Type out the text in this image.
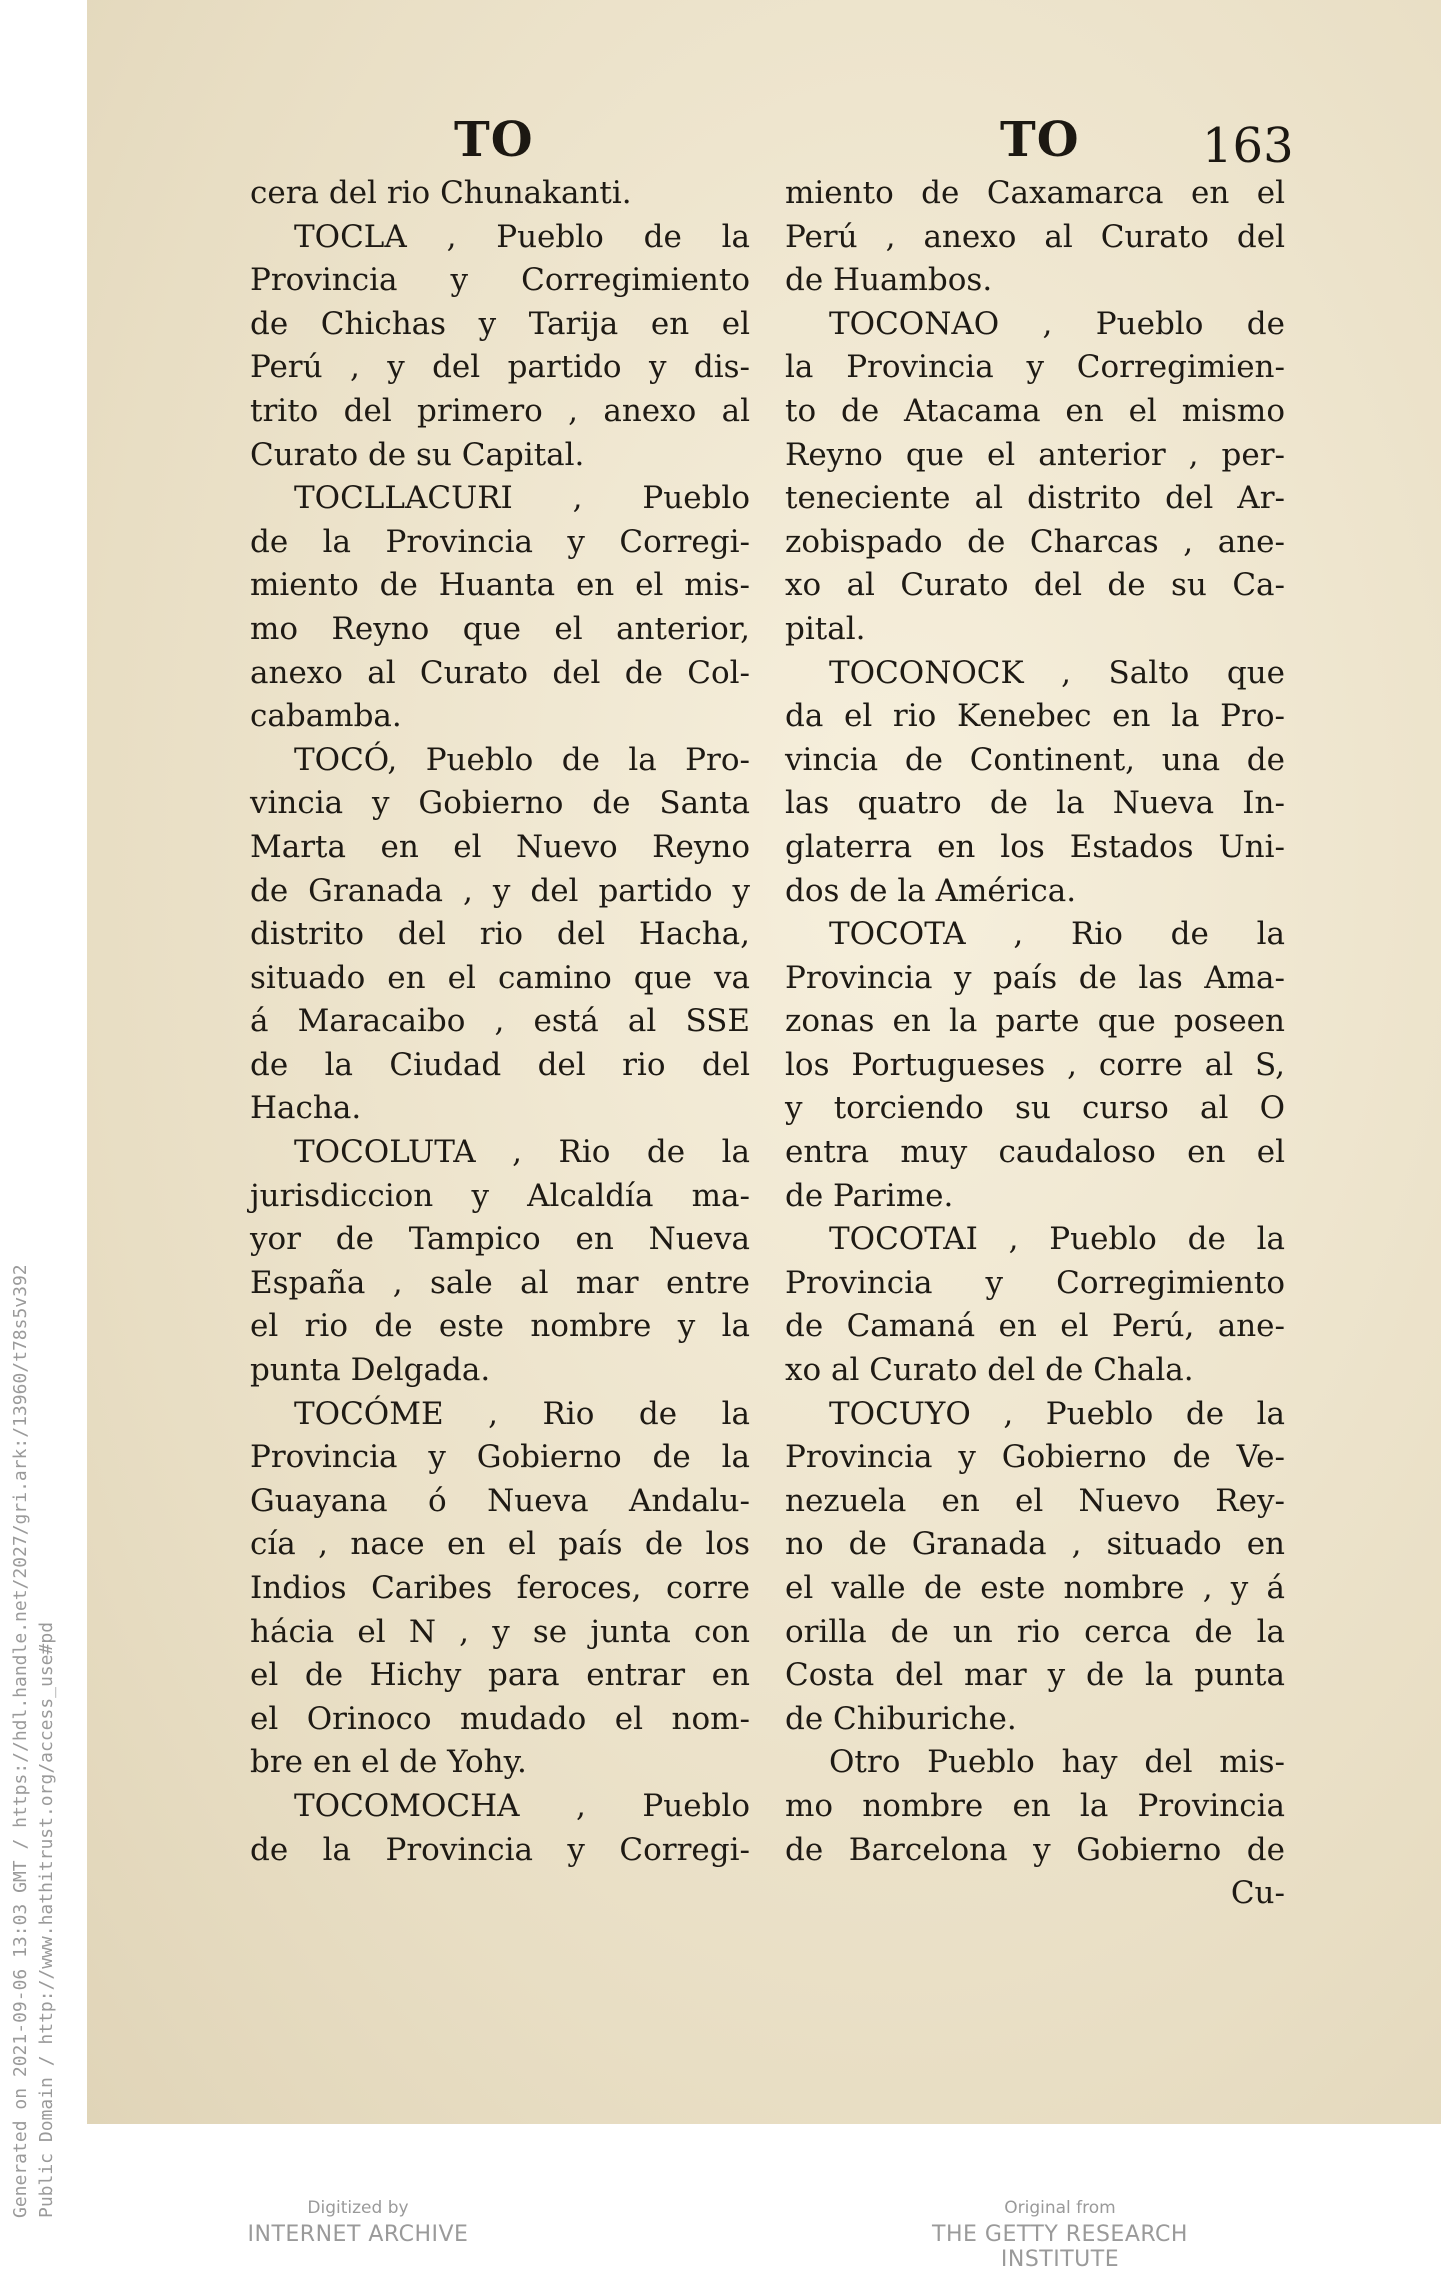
Generated on 2021-09-06 13:03 GMT / https://hdl.handle.net/2027/gri.ark:/13960/t78s5v392 Public Domain / http://www.hathitrust.org/access_use#pd
TO	TO	163
cera del rio Chunakanti.
TOCLA , Pueblo de la
Provincia y Corregimiento
de Chichas y Tarija en el
Perú , y del partido y dis-
trito del primero , anexo al
Curato de su Capital.
TOCLLACURI , Pueblo
de la Provincia y Corregi-
miento de Huanta en el mis-
mo Reyno que el anterior,
anexo al Curato del de Col-
cabamba.
TOCÓ, Pueblo de la Pro-
vincia y Gobierno de Santa
Marta en el Nuevo Reyno
de Granada , y del partido y
distrito del rio del Hacha,
situado en el camino que va
á Maracaibo , está al SSE
de la Ciudad del rio del
Hacha.
TOCOLUTA , Rio de la
jurisdiccion y Alcaldía ma-
yor de Tampico en Nueva
España , sale al mar entre
el rio de este nombre y la
punta Delgada.
TOCÓME , Rio de la
Provincia y Gobierno de la
Guayana ó Nueva Andalu-
cía , nace en el país de los
Indios Caribes feroces, corre
hácia el N , y se junta con
el de Hichy para entrar en
el Orinoco mudado el nom-
bre en el de Yohy.
TOCOMOCHA , Pueblo
de la Provincia y Corregi-
miento de Caxamarca en el
Perú , anexo al Curato del
de Huambos.
TOCONAO , Pueblo de
la Provincia y Corregimien-
to de Atacama en el mismo
Reyno que el anterior , per-
teneciente al distrito del Ar-
zobispado de Charcas , ane-
xo al Curato del de su Ca-
pital.
TOCONOCK , Salto que
da el rio Kenebec en la Pro-
vincia de Continent, una de
las quatro de la Nueva In-
glaterra en los Estados Uni-
dos de la América.
TOCOTA , Rio de la
Provincia y país de las Ama-
zonas en la parte que poseen
los Portugueses , corre al S,
y torciendo su curso al O
entra muy caudaloso en el
de Parime.
TOCOTAI , Pueblo de la
Provincia y Corregimiento
de Camaná en el Perú, ane-
xo al Curato del de Chala.
TOCUYO , Pueblo de la
Provincia y Gobierno de Ve-
nezuela en el Nuevo Rey-
no de Granada , situado en
el valle de este nombre , y á
orilla de un rio cerca de la
Costa del mar y de la punta
de Chiburiche.
Otro Pueblo hay del mis-
mo nombre en la Provincia
de Barcelona y Gobierno de
Cu-
Digitized by
INTERNET ARCHIVE
Original from
THE GETTY RESEARCH INSTITUTE
